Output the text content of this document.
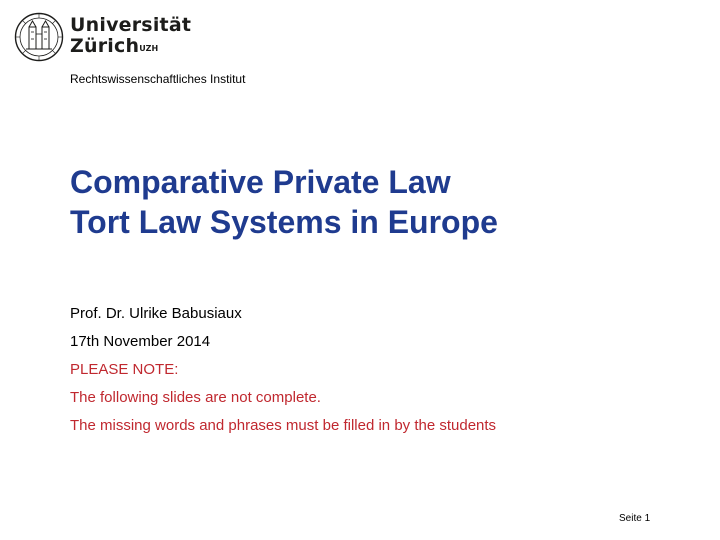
Universität
Zürich$^{UZH}$
Rechtswissenschaftliches Institut
Comparative Private Law
Tort Law Systems in Europe
Prof. Dr. Ulrike Babusiaux
17th November 2014
PLEASE NOTE:
The following slides are not complete.
The missing words and phrases must be filled in by the students
Seite 1
